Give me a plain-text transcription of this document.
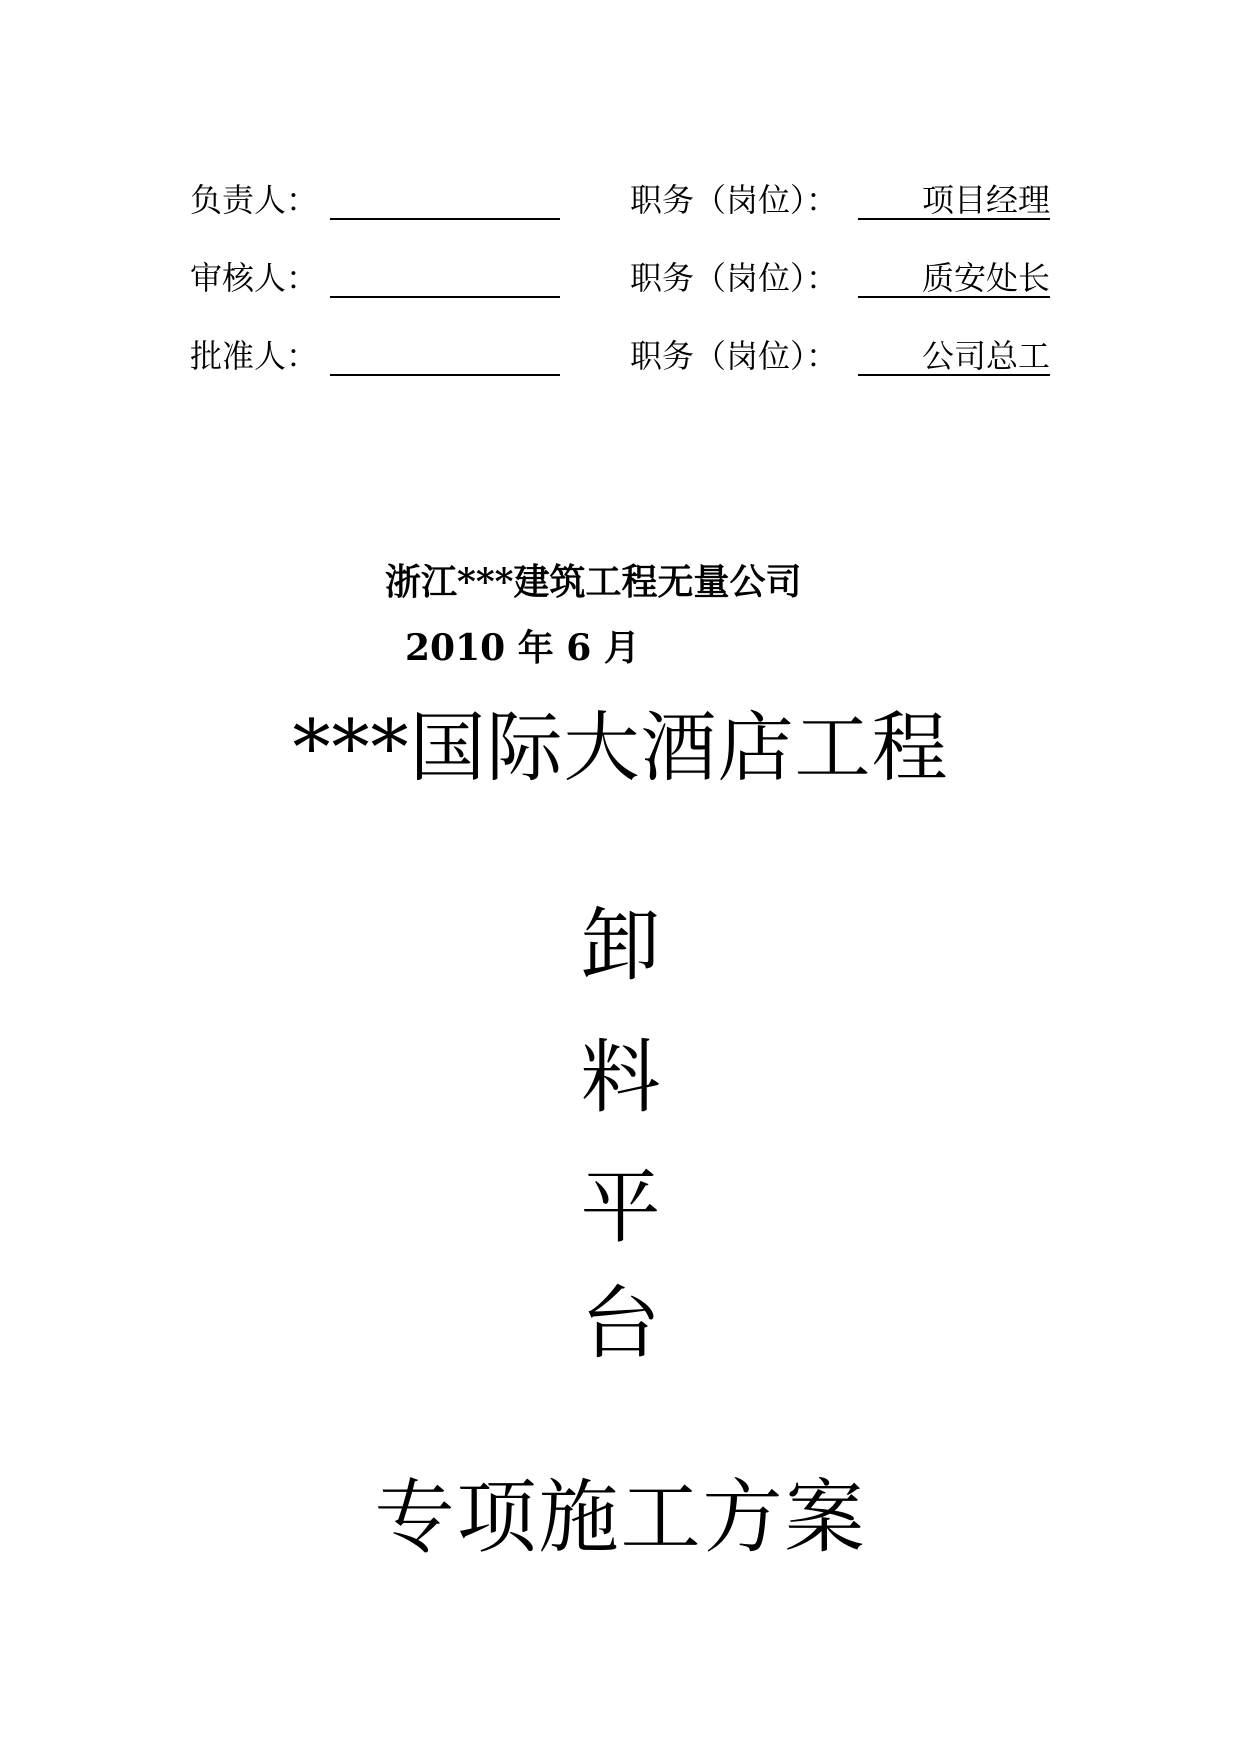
负责人：	职务（岗位）：	项目经理
审核人：	职务（岗位）：	质安处长
批准人：	职务（岗位）：	公司总工
浙江***建筑工程无量公司
2010 年 6 月
***国际大酒店工程
卸
料
平
台
专项施工方案
